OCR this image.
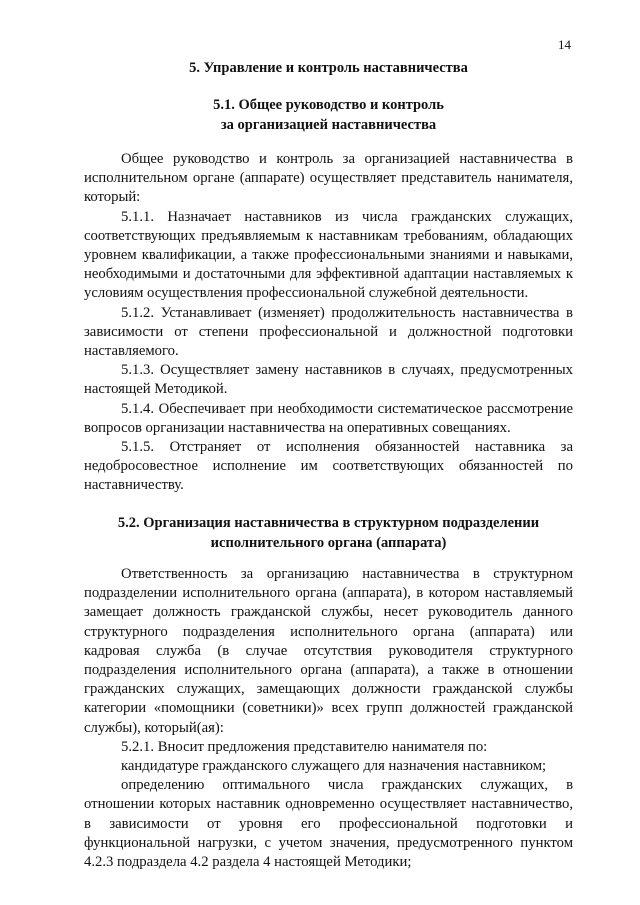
14
5. Управление и контроль наставничества
5.1. Общее руководство и контроль
за организацией наставничества

Общее руководство и контроль за организацией наставничества в исполнительном органе (аппарате) осуществляет представитель нанимателя, который:

5.1.1. Назначает наставников из числа гражданских служащих, соответствующих предъявляемым к наставникам требованиям, обладающих уровнем квалификации, а также профессиональными знаниями и навыками, необходимыми и достаточными для эффективной адаптации наставляемых к условиям осуществления профессиональной служебной деятельности.

5.1.2. Устанавливает (изменяет) продолжительность наставничества в зависимости от степени профессиональной и должностной подготовки наставляемого.

5.1.3. Осуществляет замену наставников в случаях, предусмотренных настоящей Методикой.

5.1.4. Обеспечивает при необходимости систематическое рассмотрение вопросов организации наставничества на оперативных совещаниях.

5.1.5. Отстраняет от исполнения обязанностей наставника за недобросовестное исполнение им соответствующих обязанностей по наставничеству.

5.2. Организация наставничества в структурном подразделении
исполнительного органа (аппарата)

Ответственность за организацию наставничества в структурном подразделении исполнительного органа (аппарата), в котором наставляемый замещает должность гражданской службы, несет руководитель данного структурного подразделения исполнительного органа (аппарата) или кадровая служба (в случае отсутствия руководителя структурного подразделения исполнительного органа (аппарата), а также в отношении гражданских служащих, замещающих должности гражданской службы категории «помощники (советники)» всех групп должностей гражданской службы), который(ая):

5.2.1. Вносит предложения представителю нанимателя по:

кандидатуре гражданского служащего для назначения наставником;

определению оптимального числа гражданских служащих, в отношении которых наставник одновременно осуществляет наставничество, в зависимости от уровня его профессиональной подготовки и функциональной нагрузки, с учетом значения, предусмотренного пунктом 4.2.3 подраздела 4.2 раздела 4 настоящей Методики;
